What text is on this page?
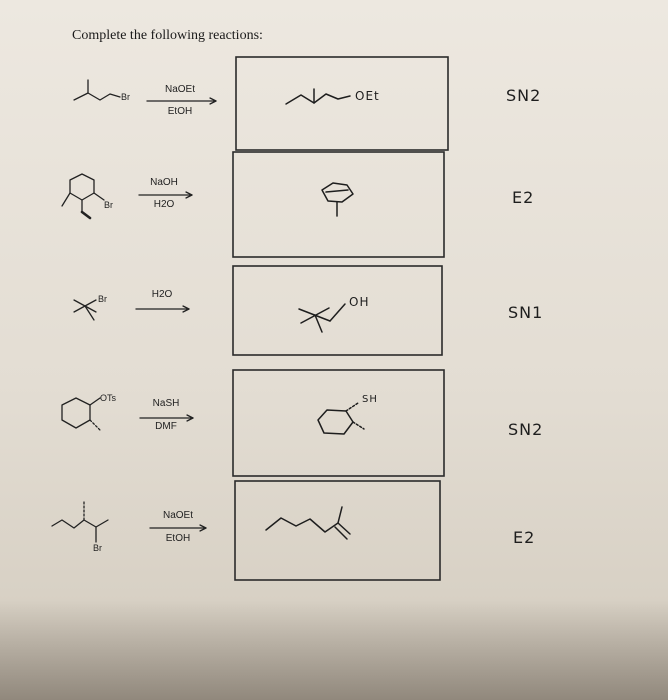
Complete the following reactions:
Br
Br
Br
OTs
Br
NaOEt
EtOH
NaOH
H2O
H2O
NaSH
DMF
NaOEt
EtOH
OEt
OH
SH
SN2
E2
SN1
SN2
E2
